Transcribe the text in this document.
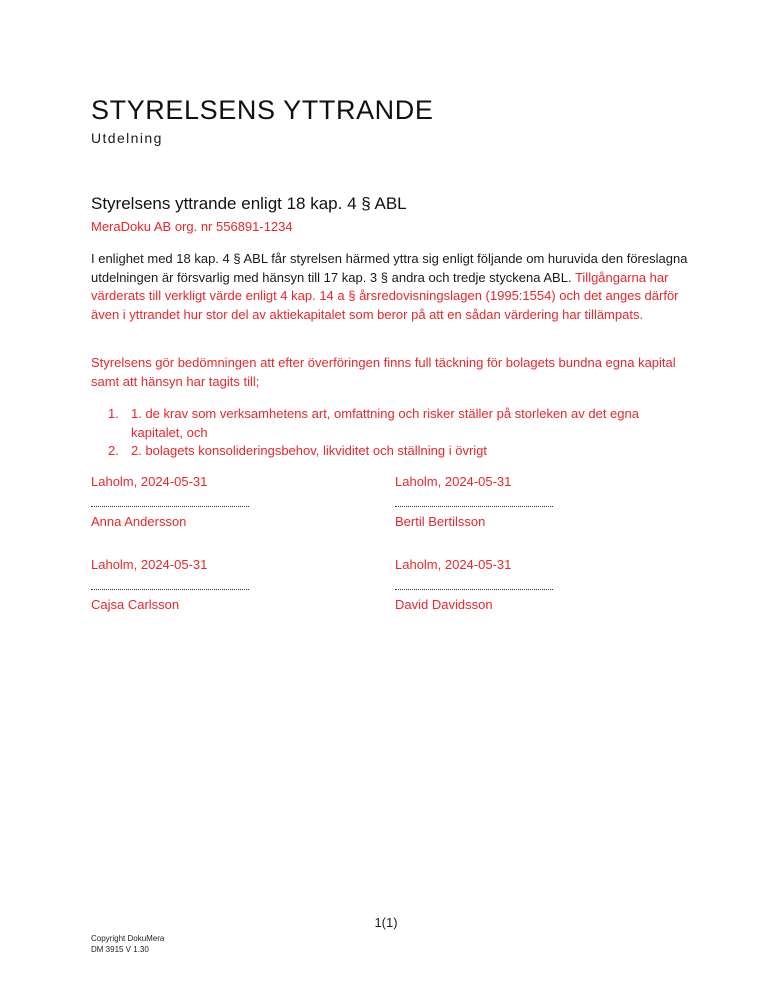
STYRELSENS YTTRANDE
Utdelning
Styrelsens yttrande enligt 18 kap. 4 § ABL
MeraDoku AB org. nr 556891-1234

I enlighet med 18 kap. 4 § ABL får styrelsen härmed yttra sig enligt följande om huruvida den föreslagna utdelningen är försvarlig med hänsyn till 17 kap. 3 § andra och tredje styckena ABL. Tillgångarna har värderats till verkligt värde enligt 4 kap. 14 a § årsredovisningslagen (1995:1554) och det anges därför även i yttrandet hur stor del av aktiekapitalet som beror på att en sådan värdering har tillämpats.

Styrelsens gör bedömningen att efter överföringen finns full täckning för bolagets bundna egna kapital samt att hänsyn har tagits till;

1. 1. de krav som verksamhetens art, omfattning och risker ställer på storleken av det egna kapitalet, och
2. 2. bolagets konsolideringsbehov, likviditet och ställning i övrigt
Laholm, 2024-05-31
Anna Andersson
Laholm, 2024-05-31
Bertil Bertilsson
Laholm, 2024-05-31
Cajsa Carlsson
Laholm, 2024-05-31
David Davidsson
1(1)
Copyright DokuMera
DM 3915 V 1.30
